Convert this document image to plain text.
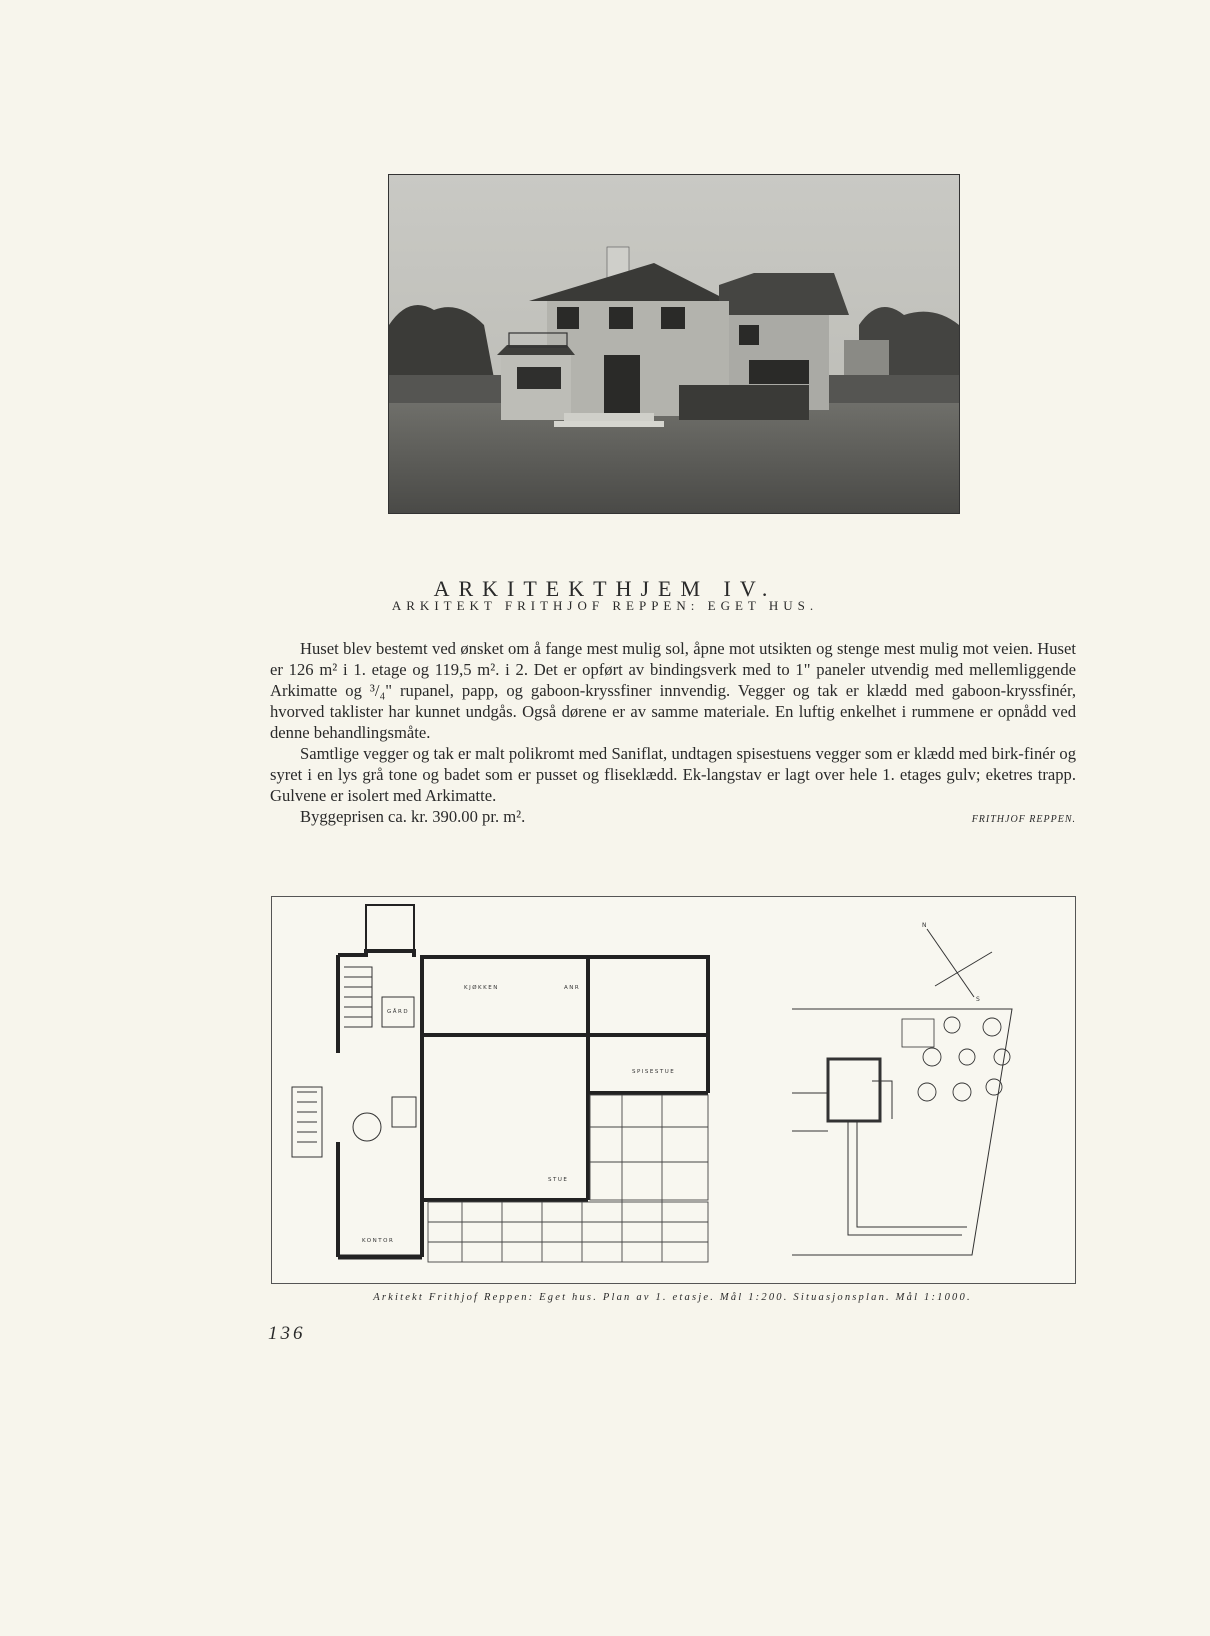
ARKITEKTHJEM IV.
ARKITEKT FRITHJOF REPPEN: EGET HUS.

Huset blev bestemt ved ønsket om å fange mest mulig sol, åpne mot utsikten og stenge mest mulig mot veien. Huset er 126 m² i 1. etage og 119,5 m². i 2. Det er opført av bindingsverk med to 1" paneler utvendig med mellemliggende Arkimatte og ³/₄" rupanel, papp, og gaboon-kryssfiner innvendig. Vegger og tak er klædd med gaboon-kryssfinér, hvorved taklister har kunnet undgås. Også dørene er av samme materiale. En luftig enkelhet i rummene er opnådd ved denne behandlingsmåte.

Samtlige vegger og tak er malt polikromt med Saniflat, undtagen spisestuens vegger som er klædd med birk-finér og syret i en lys grå tone og badet som er pusset og fliseklædd. Ek-langstav er lagt over hele 1. etages gulv; eketres trapp. Gulvene er isolert med Arkimatte.

Byggeprisen ca. kr. 390.00 pr. m².	FRITHJOF REPPEN.

KJØKKEN	ANR
GÅRD
SPISESTUE
STUE
KONTOR
N
S
Arkitekt Frithjof Reppen: Eget hus. Plan av 1. etasje. Mål 1:200. Situasjonsplan. Mål 1:1000.
136
